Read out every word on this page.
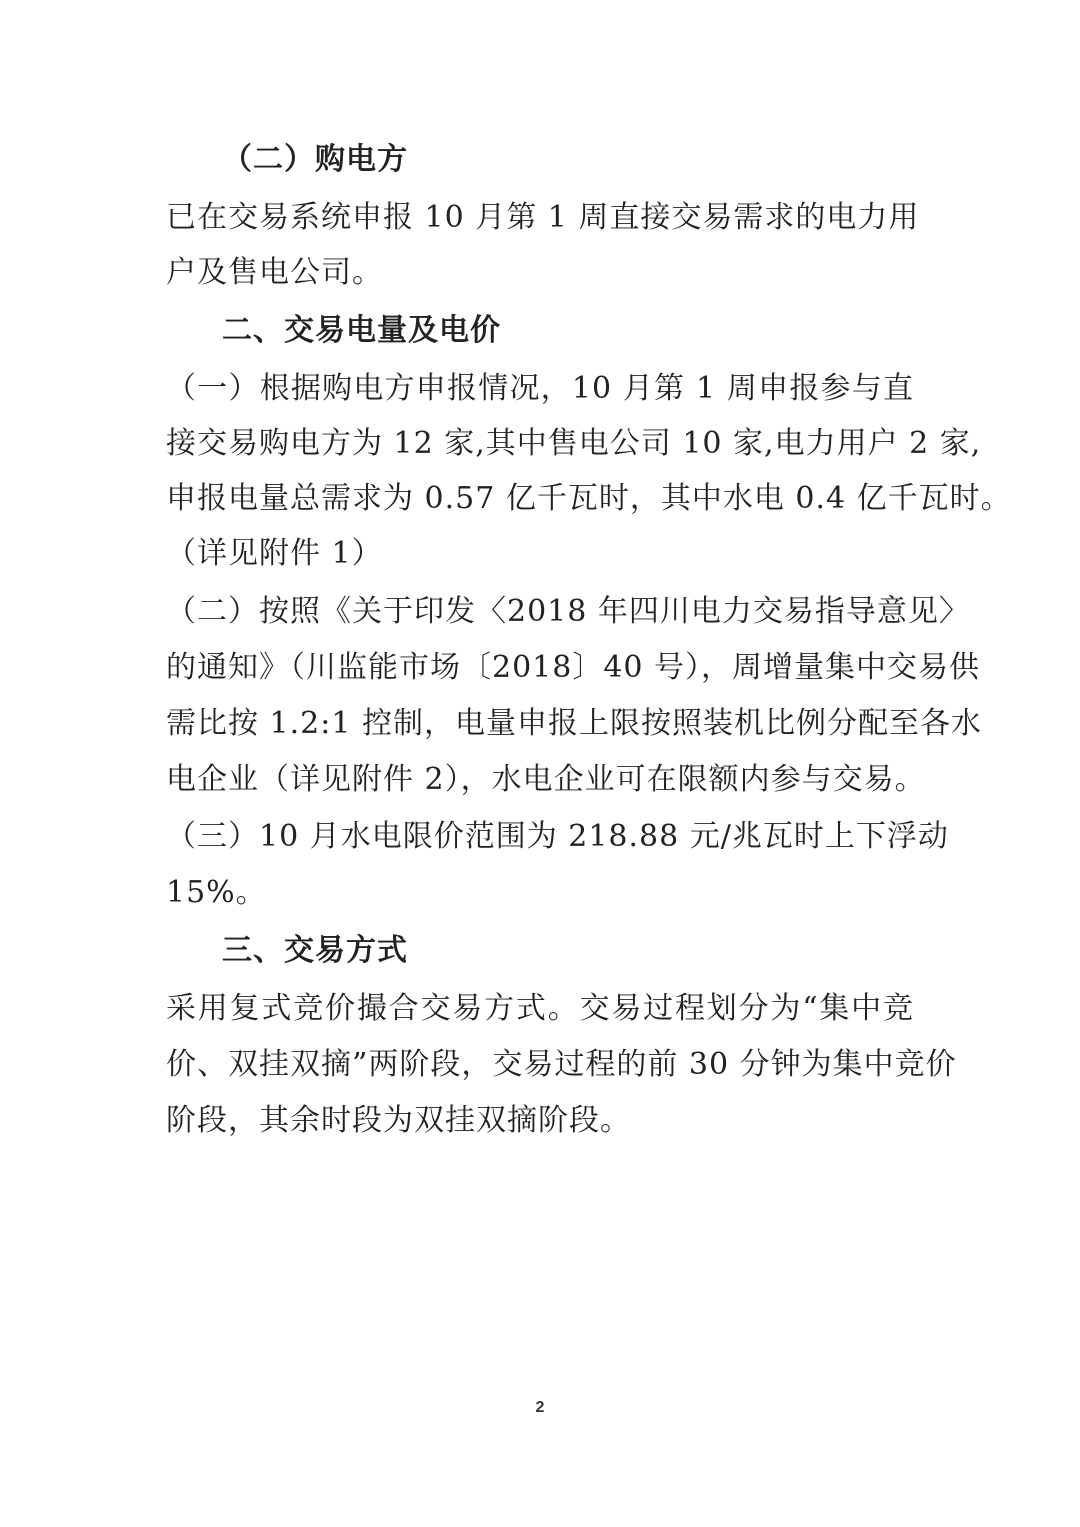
（二）购电方
已在交易系统申报 10 月第 1 周直接交易需求的电力用
户及售电公司。
二、交易电量及电价
（一）根据购电方申报情况，10 月第 1 周申报参与直
接交易购电方为 12 家,其中售电公司 10 家,电力用户 2 家,
申报电量总需求为 0.57 亿千瓦时，其中水电 0.4 亿千瓦时。
（详见附件 1）
（二）按照《关于印发〈2018 年四川电力交易指导意见〉
的通知》（川监能市场〔2018〕40 号），周增量集中交易供
需比按 1.2:1 控制，电量申报上限按照装机比例分配至各水
电企业（详见附件 2），水电企业可在限额内参与交易。
（三）10 月水电限价范围为 218.88 元/兆瓦时上下浮动
15%。
三、交易方式
采用复式竞价撮合交易方式。交易过程划分为“集中竞
价、双挂双摘”两阶段，交易过程的前 30 分钟为集中竞价
阶段，其余时段为双挂双摘阶段。
2
